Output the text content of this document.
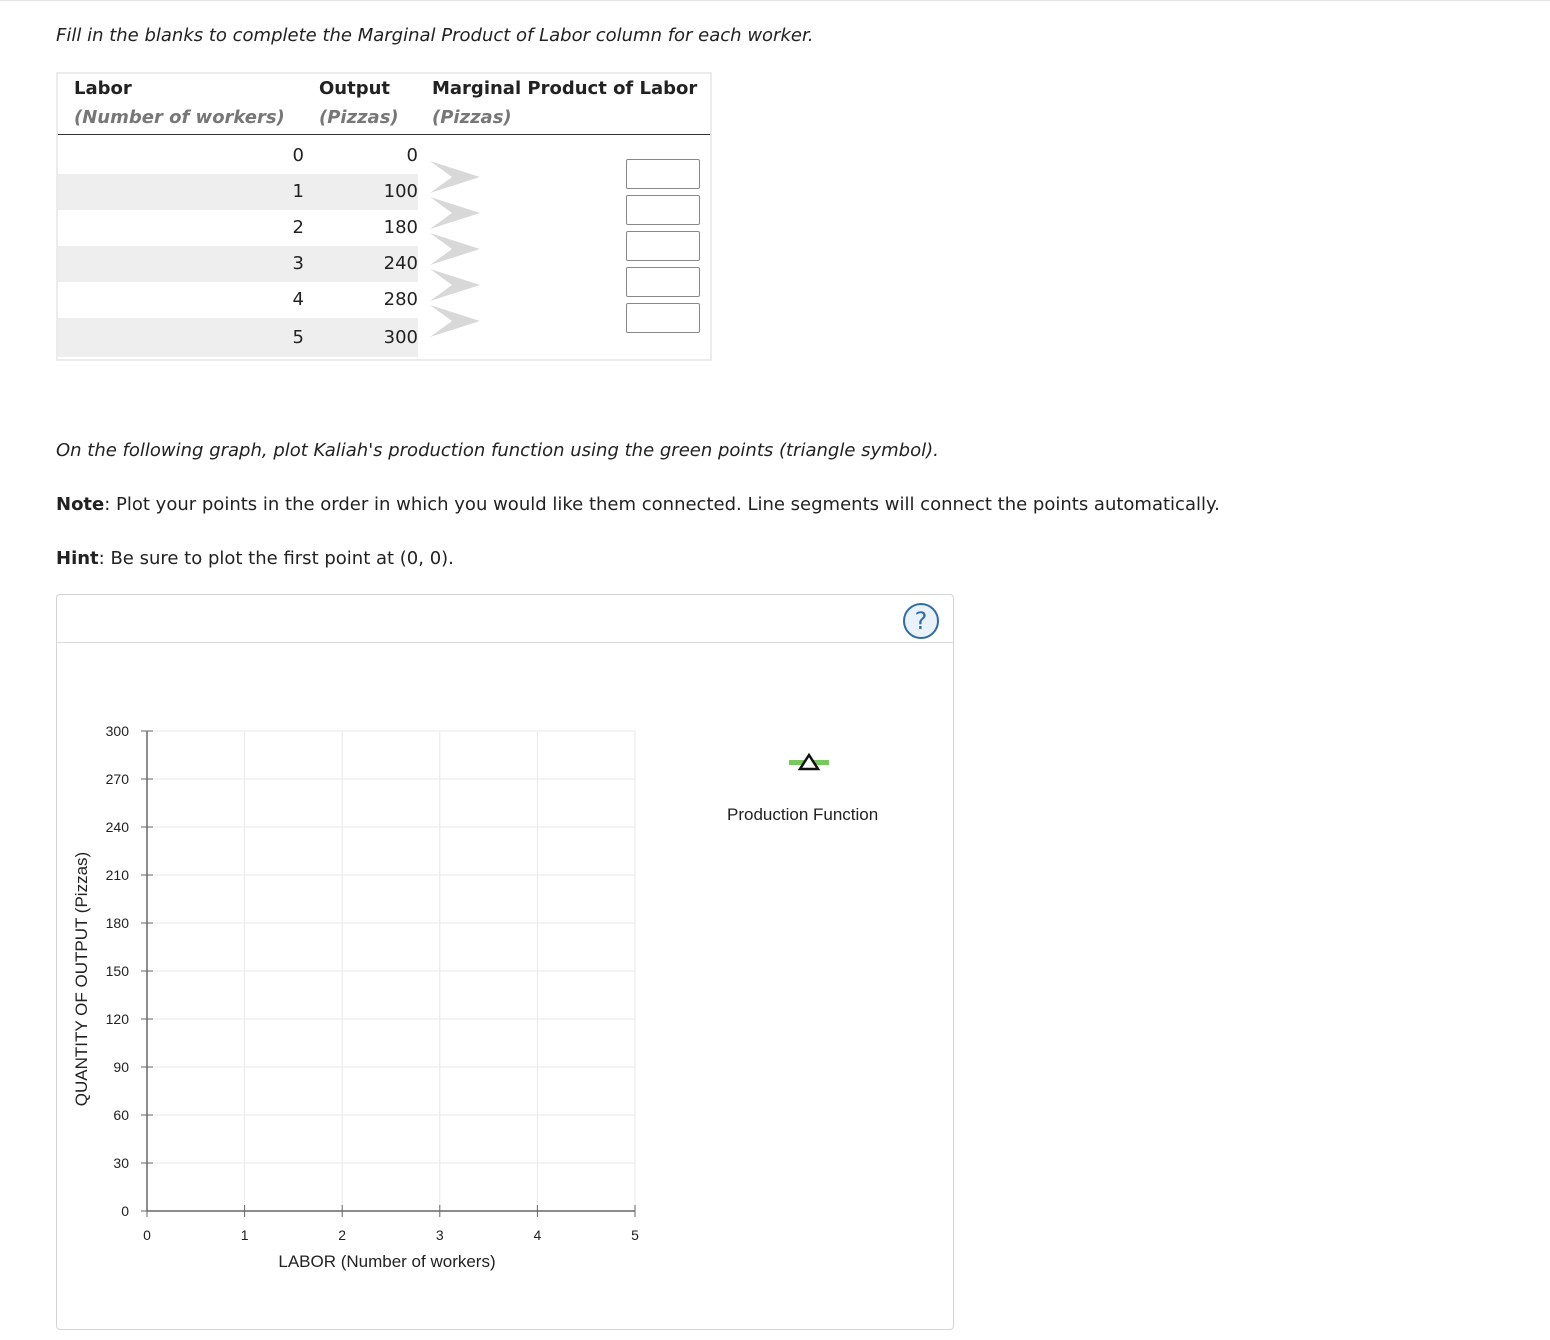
Fill in the blanks to complete the Marginal Product of Labor column for each worker.
Labor
(Number of workers)
Output
(Pizzas)
Marginal Product of Labor
(Pizzas)
0	0
1	100
2	180
3	240
4	280
5	300
On the following graph, plot Kaliah's production function using the green points (triangle symbol).
Note: Plot your points in the order in which you would like them connected. Line segments will connect the points automatically.
Hint: Be sure to plot the first point at (0, 0).
?
0
30
60
90
120
150
180
210
240
270
300
0	1	2	3	4	5
LABOR (Number of workers)
QUANTITY OF OUTPUT (Pizzas)
Production Function
